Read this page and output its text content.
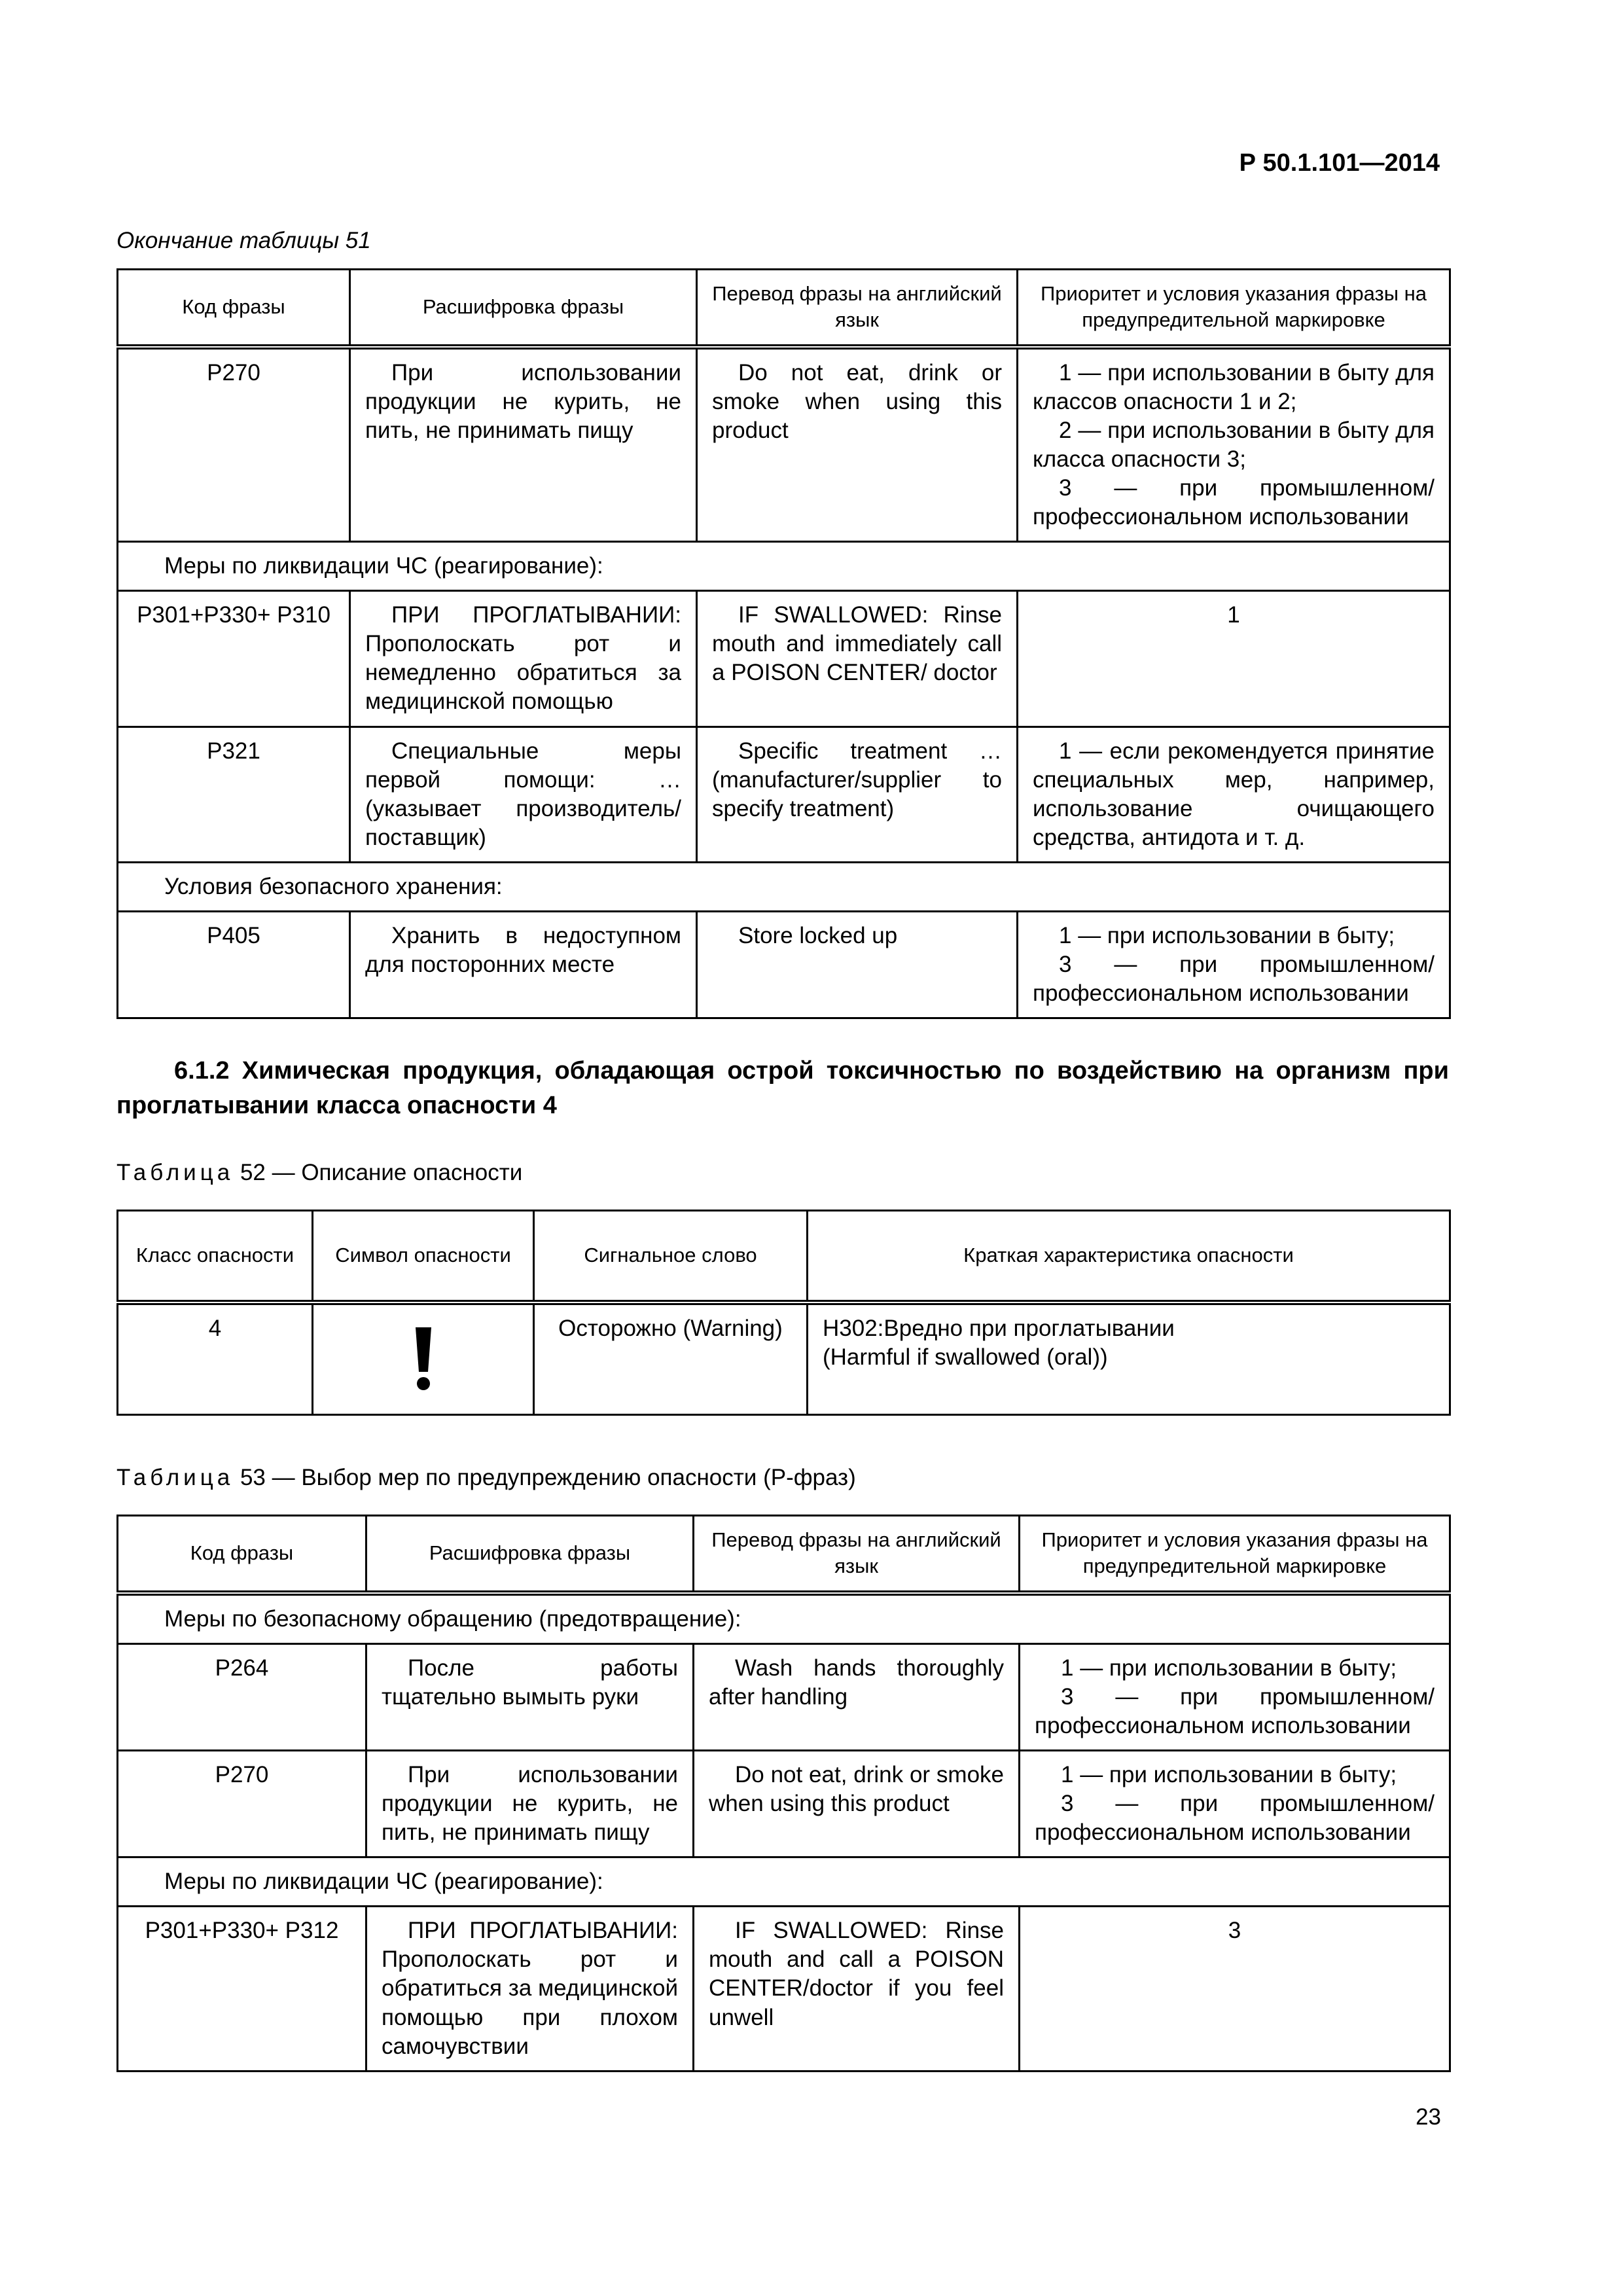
Р 50.1.101—2014
Окончание таблицы 51
Код фразы	Расшифровка фразы	Перевод фразы на английский язык	Приоритет и условия указания фразы на предупредительной маркировке
P270	При использовании продукции не курить, не пить, не принимать пищу	Do not eat, drink or smoke when using this product	1 — при использовании в быту для классов опасности 1 и 2;
2 — при использовании в быту для класса опасности 3;
3 — при промышленном/профессиональном использовании

Меры по ликвидации ЧС (реагирование):			
P301+P330+ P310	ПРИ ПРОГЛАТЫВАНИИ: Прополоскать рот и немедленно обратиться за медицинской помощью	IF SWALLOWED: Rinse mouth and immediately call a POISON CENTER/ doctor	1
P321	Специальные меры первой помощи: … (указывает производитель/поставщик)	Specific treatment … (manufacturer/supplier to specify treatment)	1 — если рекомендуется принятие специальных мер, например, использование очищающего средства, антидота и т. д.

Условия безопасного хранения:			
P405	Хранить в недоступном для посторонних месте	Store locked up	1 — при использовании в быту;
3 — при промышленном/ профессиональном использовании
6.1.2 Химическая продукция, обладающая острой токсичностью по воздействию на организм при проглатывании класса опасности 4
Таблица 52 — Описание опасности
Класс опасности	Символ опасности	Сигнальное слово	Краткая характеристика опасности
4		Осторожно (Warning)	H302:Вредно при проглатывании
(Harmful if swallowed (oral))
Таблица 53 — Выбор мер по предупреждению опасности (Р-фраз)
Код фразы	Расшифровка фразы	Перевод фразы на английский язык	Приоритет и условия указания фразы на предупредительной маркировке
Меры по безопасному обращению (предотвращение):			
P264	После работы тщательно вымыть руки	Wash hands thoroughly after handling	1 — при использовании в быту;
3 — при промышленном/профессиональном использовании

P270	При использовании продукции не курить, не пить, не принимать пищу	Do not eat, drink or smoke when using this product	1 — при использовании в быту;
3 — при промышленном/профессиональном использовании

Меры по ликвидации ЧС (реагирование):			
P301+P330+ P312	ПРИ ПРОГЛАТЫВАНИИ: Прополоскать рот и обратиться за медицинской помощью при плохом самочувствии	IF SWALLOWED: Rinse mouth and call a POISON CENTER/doctor if you feel unwell	3
23
